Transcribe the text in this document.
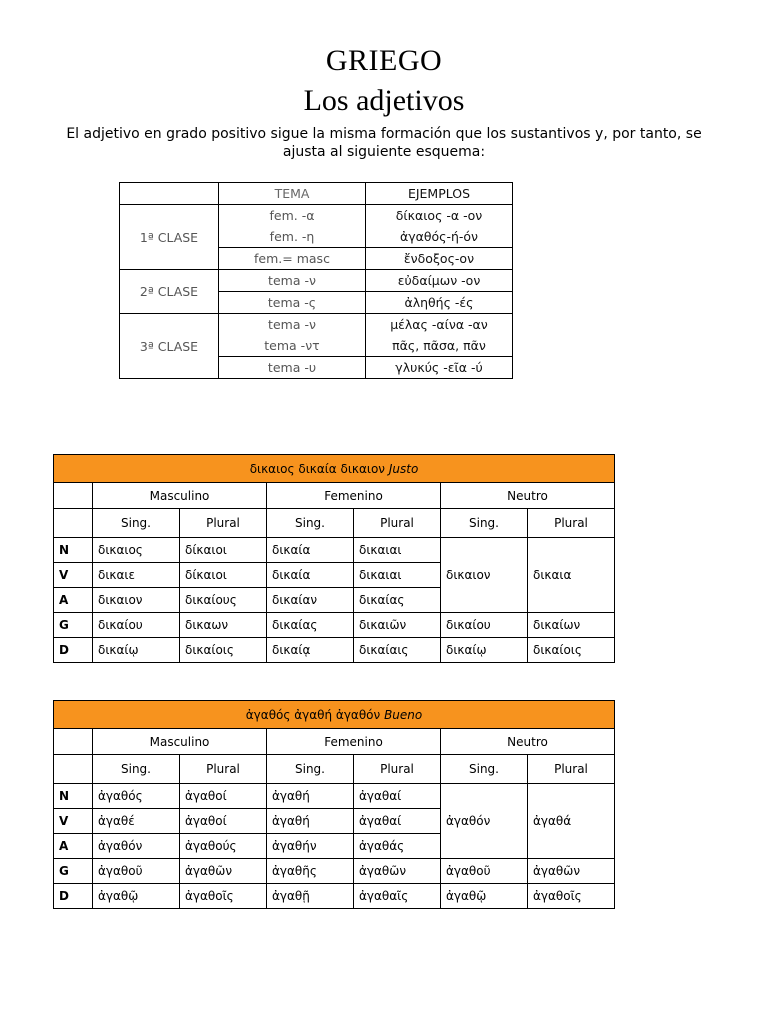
GRIEGO
Los adjetivos
El adjetivo en grado positivo sigue la misma formación que los sustantivos y, por tanto, se ajusta al siguiente esquema:
	TEMA	EJEMPLOS
1ª CLASE	fem. -α	δίκαιος -α -ον
	fem. -η	ἀγαθός-ή-όν
	fem.= masc	ἔνδοξος-ον
2ª CLASE	tema -ν	εὐδαίμων -ον
	tema -ς	ἀληθής -ές
3ª CLASE	tema -ν	μέλας -αίνα -αν
	tema -ντ	πᾶς, πᾶσα, πᾶν
	tema -υ	γλυκύς -εῖα -ύ
δικαιος δικαία δικαιον Justo						
	Masculino		Femenino		Neutro	
	Sing.	Plural	Sing.	Plural	Sing.	Plural
N	δικαιος	δίκαιοι	δικαία	δικαιαι	δικαιον	δικαια
V	δικαιε	δίκαιοι	δικαία	δικαιαι		
A	δικαιον	δικαίους	δικαίαν	δικαίας		
G	δικαίου	δικαων	δικαίας	δικαιῶν	δικαίου	δικαίων
D	δικαίῳ	δικαίοις	δικαίᾳ	δικαίαις	δικαίῳ	δικαίοις
ἀγαθός ἀγαθή ἀγαθόν Bueno						
	Masculino		Femenino		Neutro	
	Sing.	Plural	Sing.	Plural	Sing.	Plural
N	ἀγαθός	ἀγαθοί	ἀγαθή	ἀγαθαί	ἀγαθόν	ἀγαθά
V	ἀγαθέ	ἀγαθοί	ἀγαθή	ἀγαθαί		
A	ἀγαθόν	ἀγαθούς	ἀγαθήν	ἀγαθάς		
G	ἀγαθοῦ	ἀγαθῶν	ἀγαθῆς	ἀγαθῶν	ἀγαθοῦ	ἀγαθῶν
D	ἀγαθῷ	ἀγαθοῖς	ἀγαθῇ	ἀγαθαῖς	ἀγαθῷ	ἀγαθοῖς
